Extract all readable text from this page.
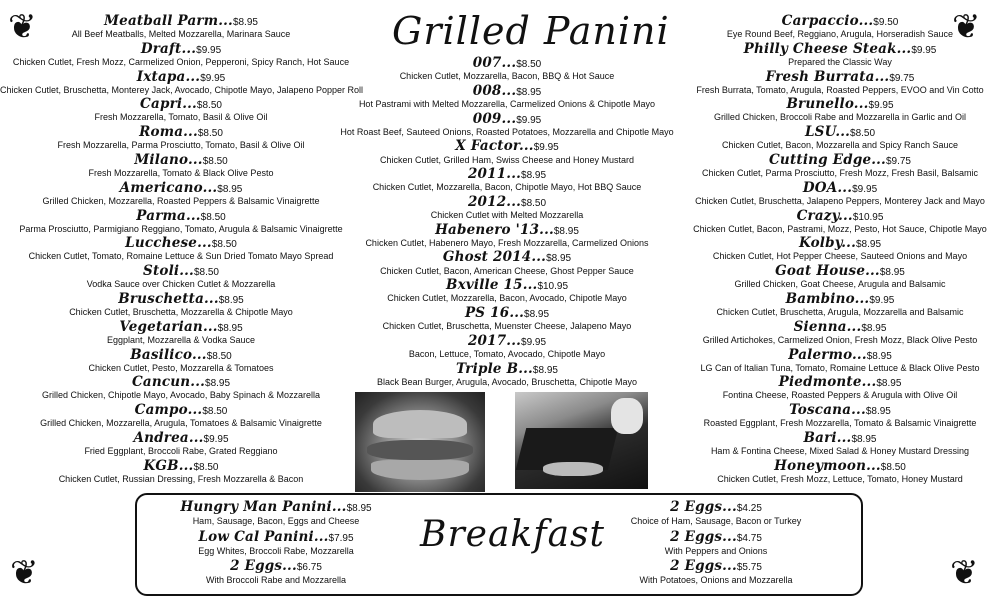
Grilled Panini
Meatball Parm...$8.95
All Beef Meatballs, Melted Mozzarella, Marinara Sauce
Draft...$9.95
Chicken Cutlet, Fresh Mozz, Carmelized Onion, Pepperoni, Spicy Ranch, Hot Sauce
Ixtapa...$9.95
Chicken Cutlet, Bruschetta, Monterey Jack, Avocado, Chipotle Mayo, Jalapeno Popper Roll
Capri...$8.50
Fresh Mozzarella, Tomato, Basil & Olive Oil
Roma...$8.50
Fresh Mozzarella, Parma Prosciutto, Tomato, Basil & Olive Oil
Milano...$8.50
Fresh Mozzarella, Tomato & Black Olive Pesto
Americano...$8.95
Grilled Chicken, Mozzarella, Roasted Peppers & Balsamic Vinaigrette
Parma...$8.50
Parma Prosciutto, Parmigiano Reggiano, Tomato, Arugula & Balsamic Vinaigrette
Lucchese...$8.50
Chicken Cutlet, Tomato, Romaine Lettuce & Sun Dried Tomato Mayo Spread
Stoli...$8.50
Vodka Sauce over Chicken Cutlet & Mozzarella
Bruschetta...$8.95
Chicken Cutlet, Bruschetta, Mozzarella & Chipotle Mayo
Vegetarian...$8.95
Eggplant, Mozzarella & Vodka Sauce
Basilico...$8.50
Chicken Cutlet, Pesto, Mozzarella & Tomatoes
Cancun...$8.95
Grilled Chicken, Chipotle Mayo, Avocado, Baby Spinach & Mozzarella
Campo...$8.50
Grilled Chicken, Mozzarella, Arugula, Tomatoes & Balsamic Vinaigrette
Andrea...$9.95
Fried Eggplant, Broccoli Rabe, Grated Reggiano
KGB...$8.50
Chicken Cutlet, Russian Dressing, Fresh Mozzarella & Bacon
007...$8.50
Chicken Cutlet, Mozzarella, Bacon, BBQ & Hot Sauce
008...$8.95
Hot Pastrami with Melted Mozzarella, Carmelized Onions & Chipotle Mayo
009...$9.95
Hot Roast Beef, Sauteed Onions, Roasted Potatoes, Mozzarella and Chipotle Mayo
X Factor...$9.95
Chicken Cutlet, Grilled Ham, Swiss Cheese and Honey Mustard
2011...$8.95
Chicken Cutlet, Mozzarella, Bacon, Chipotle Mayo, Hot BBQ Sauce
2012...$8.50
Chicken Cutlet with Melted Mozzarella
Habenero '13...$8.95
Chicken Cutlet, Habenero Mayo, Fresh Mozzarella, Carmelized Onions
Ghost 2014...$8.95
Chicken Cutlet, Bacon, American Cheese, Ghost Pepper Sauce
Bxville 15...$10.95
Chicken Cutlet, Mozzarella, Bacon, Avocado, Chipotle Mayo
PS 16...$8.95
Chicken Cutlet, Bruschetta, Muenster Cheese, Jalapeno Mayo
2017...$9.95
Bacon, Lettuce, Tomato, Avocado, Chipotle Mayo
Triple B...$8.95
Black Bean Burger, Arugula, Avocado, Bruschetta, Chipotle Mayo
Carpaccio...$9.50
Eye Round Beef, Reggiano, Arugula, Horseradish Sauce
Philly Cheese Steak...$9.95
Prepared the Classic Way
Fresh Burrata...$9.75
Fresh Burrata, Tomato, Arugula, Roasted Peppers, EVOO and Vin Cotto
Brunello...$9.95
Grilled Chicken, Broccoli Rabe and Mozzarella in Garlic and Oil
LSU...$8.50
Chicken Cutlet, Bacon, Mozzarella and Spicy Ranch Sauce
Cutting Edge...$9.75
Chicken Cutlet, Parma Prosciutto, Fresh Mozz, Fresh Basil, Balsamic
DOA...$9.95
Chicken Cutlet, Bruschetta, Jalapeno Peppers, Monterey Jack and Mayo
Crazy...$10.95
Chicken Cutlet, Bacon, Pastrami, Mozz, Pesto, Hot Sauce, Chipotle Mayo
Kolby...$8.95
Chicken Cutlet, Hot Pepper Cheese, Sauteed Onions and Mayo
Goat House...$8.95
Grilled Chicken, Goat Cheese, Arugula and Balsamic
Bambino...$9.95
Chicken Cutlet, Bruschetta, Arugula, Mozzarella and Balsamic
Sienna...$8.95
Grilled Artichokes, Carmelized Onion, Fresh Mozz, Black Olive Pesto
Palermo...$8.95
LG Can of Italian Tuna, Tomato, Romaine Lettuce & Black Olive Pesto
Piedmonte...$8.95
Fontina Cheese, Roasted Peppers & Arugula with Olive Oil
Toscana...$8.95
Roasted Eggplant, Fresh Mozzarella, Tomato & Balsamic Vinaigrette
Bari...$8.95
Ham & Fontina Cheese, Mixed Salad & Honey Mustard Dressing
Honeymoon...$8.50
Chicken Cutlet, Fresh Mozz, Lettuce, Tomato, Honey Mustard
❦	❦
❦	❦
Hungry Man Panini...$8.95
Ham, Sausage, Bacon, Eggs and Cheese
Low Cal Panini...$7.95
Egg Whites, Broccoli Rabe, Mozzarella
2 Eggs...$6.75
With Broccoli Rabe and Mozzarella
Breakfast
2 Eggs...$4.25
Choice of Ham, Sausage, Bacon or Turkey
2 Eggs...$4.75
With Peppers and Onions
2 Eggs...$5.75
With Potatoes, Onions and Mozzarella
